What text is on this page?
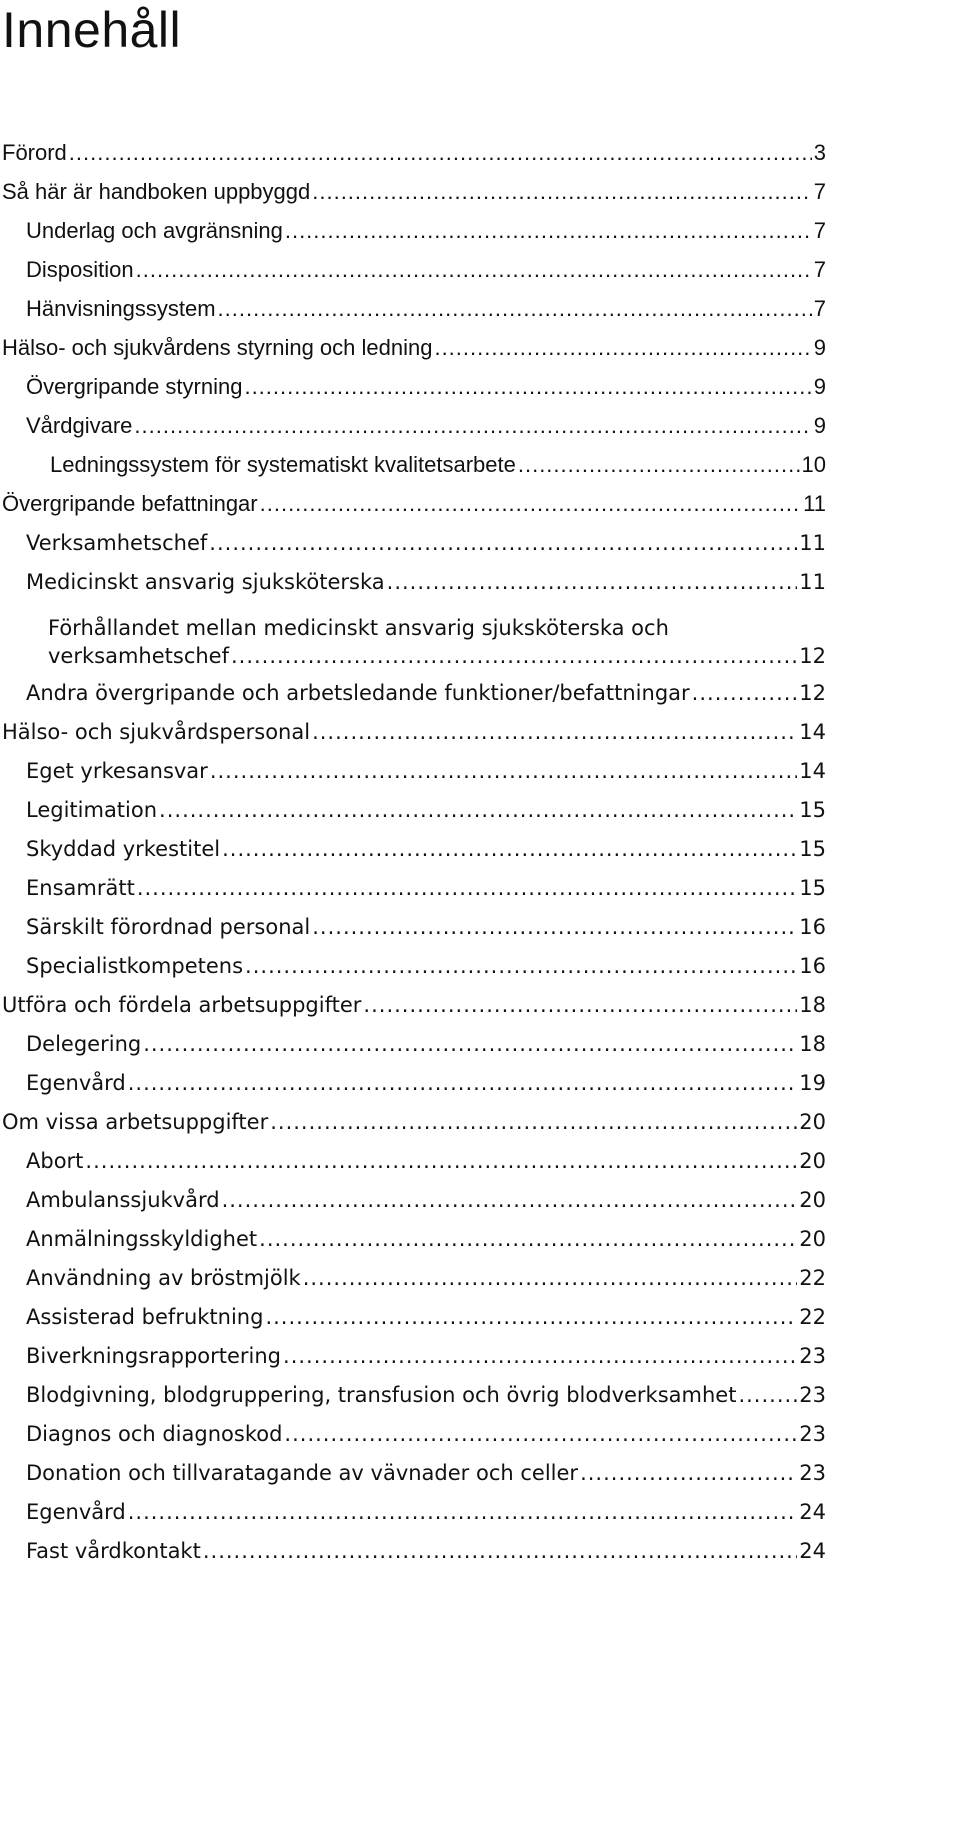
Innehåll
Förord .....	3
Så här är handboken uppbyggd .....	7
Underlag och avgränsning .....	7
Disposition .....	7
Hänvisningssystem .....	7
Hälso- och sjukvårdens styrning och ledning .....	9
Övergripande styrning .....	9
Vårdgivare .....	9
Ledningssystem för systematiskt kvalitetsarbete .....	10
Övergripande befattningar .....	11
Verksamhetschef .....	11
Medicinskt ansvarig sjuksköterska .....	11
Förhållandet mellan medicinskt ansvarig sjuksköterska och
verksamhetschef .....	12
Andra övergripande och arbetsledande funktioner/befattningar .....	12
Hälso- och sjukvårdspersonal .....	14
Eget yrkesansvar .....	14
Legitimation .....	15
Skyddad yrkestitel .....	15
Ensamrätt .....	15
Särskilt förordnad personal .....	16
Specialistkompetens .....	16
Utföra och fördela arbetsuppgifter .....	18
Delegering .....	18
Egenvård .....	19
Om vissa arbetsuppgifter .....	20
Abort .....	20
Ambulanssjukvård .....	20
Anmälningsskyldighet .....	20
Användning av bröstmjölk .....	22
Assisterad befruktning .....	22
Biverkningsrapportering .....	23
Blodgivning, blodgruppering, transfusion och övrig blodverksamhet .....	23
Diagnos och diagnoskod .....	23
Donation och tillvaratagande av vävnader och celler .....	23
Egenvård .....	24
Fast vårdkontakt .....	24
